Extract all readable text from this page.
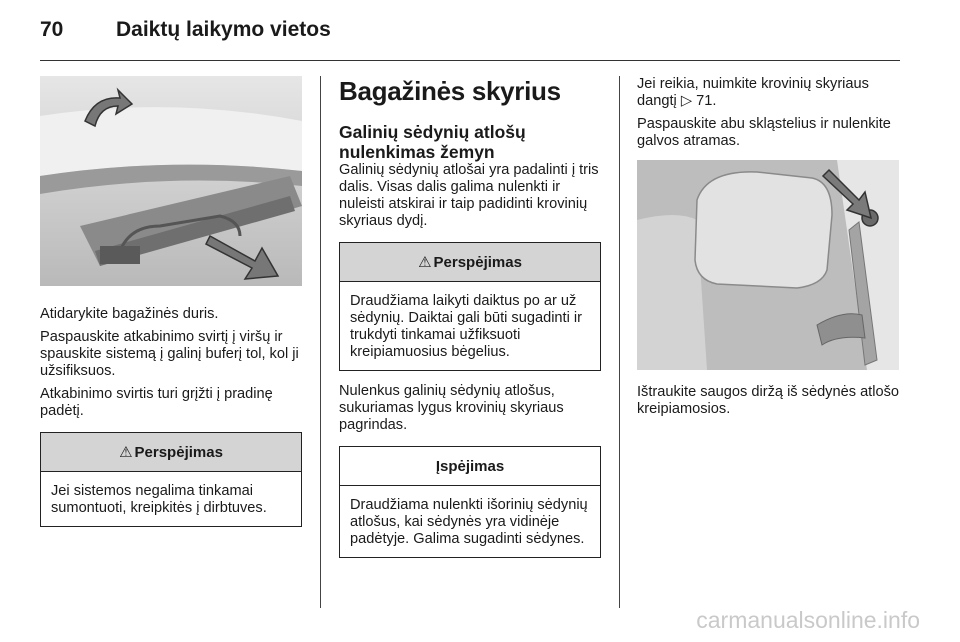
70	Daiktų laikymo vietos

Atidarykite bagažinės duris.

Paspauskite atkabinimo svirtį į viršų ir spauskite sistemą į galinį buferį tol, kol ji užsifiksuos.

Atkabinimo svirtis turi grįžti į pradinę padėtį.

⚠ Perspėjimas
Jei sistemos negalima tinkamai sumontuoti, kreipkitės į dirbtuves.
Bagažinės skyrius
Galinių sėdynių atlošų nulenkimas žemyn

Galinių sėdynių atlošai yra padalinti į tris dalis. Visas dalis galima nulenkti ir nuleisti atskirai ir taip padidinti krovinių skyriaus dydį.

⚠ Perspėjimas
Draudžiama laikyti daiktus po ar už sėdynių. Daiktai gali būti sugadinti ir trukdyti tinkamai užfiksuoti kreipiamuosius bėgelius.

Nulenkus galinių sėdynių atlošus, sukuriamas lygus krovinių skyriaus pagrindas.

Įspėjimas
Draudžiama nulenkti išorinių sėdynių atlošus, kai sėdynės yra vidinėje padėtyje. Galima sugadinti sėdynes.

Jei reikia, nuimkite krovinių skyriaus dangtį ▷ 71.

Paspauskite abu skląstelius ir nulenkite galvos atramas.

Ištraukite saugos diržą iš sėdynės atlošo kreipiamosios.

carmanualsonline.info
